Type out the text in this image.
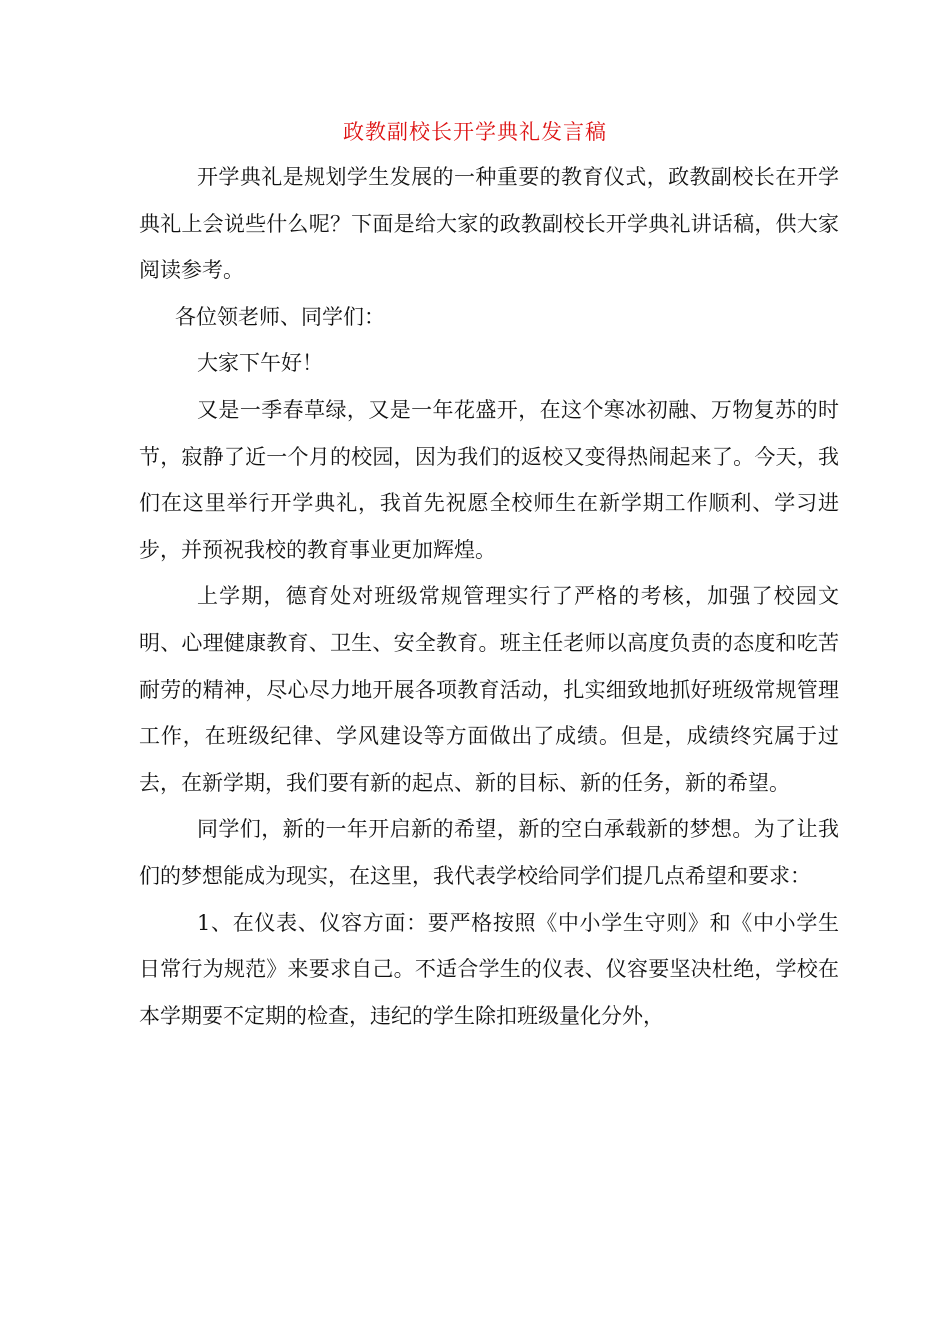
政教副校长开学典礼发言稿

开学典礼是规划学生发展的一种重要的教育仪式，政教副校长在开学典礼上会说些什么呢？下面是给大家的政教副校长开学典礼讲话稿，供大家阅读参考。

各位领老师、同学们：

大家下午好！

又是一季春草绿，又是一年花盛开，在这个寒冰初融、万物复苏的时节，寂静了近一个月的校园，因为我们的返校又变得热闹起来了。今天，我们在这里举行开学典礼，我首先祝愿全校师生在新学期工作顺利、学习进步，并预祝我校的教育事业更加辉煌。

上学期，德育处对班级常规管理实行了严格的考核，加强了校园文明、心理健康教育、卫生、安全教育。班主任老师以高度负责的态度和吃苦耐劳的精神，尽心尽力地开展各项教育活动，扎实细致地抓好班级常规管理工作，在班级纪律、学风建设等方面做出了成绩。但是，成绩终究属于过去，在新学期，我们要有新的起点、新的目标、新的任务，新的希望。

同学们，新的一年开启新的希望，新的空白承载新的梦想。为了让我们的梦想能成为现实，在这里，我代表学校给同学们提几点希望和要求：

1、在仪表、仪容方面：要严格按照《中小学生守则》和《中小学生日常行为规范》来要求自己。不适合学生的仪表、仪容要坚决杜绝，学校在本学期要不定期的检查，违纪的学生除扣班级量化分外，
